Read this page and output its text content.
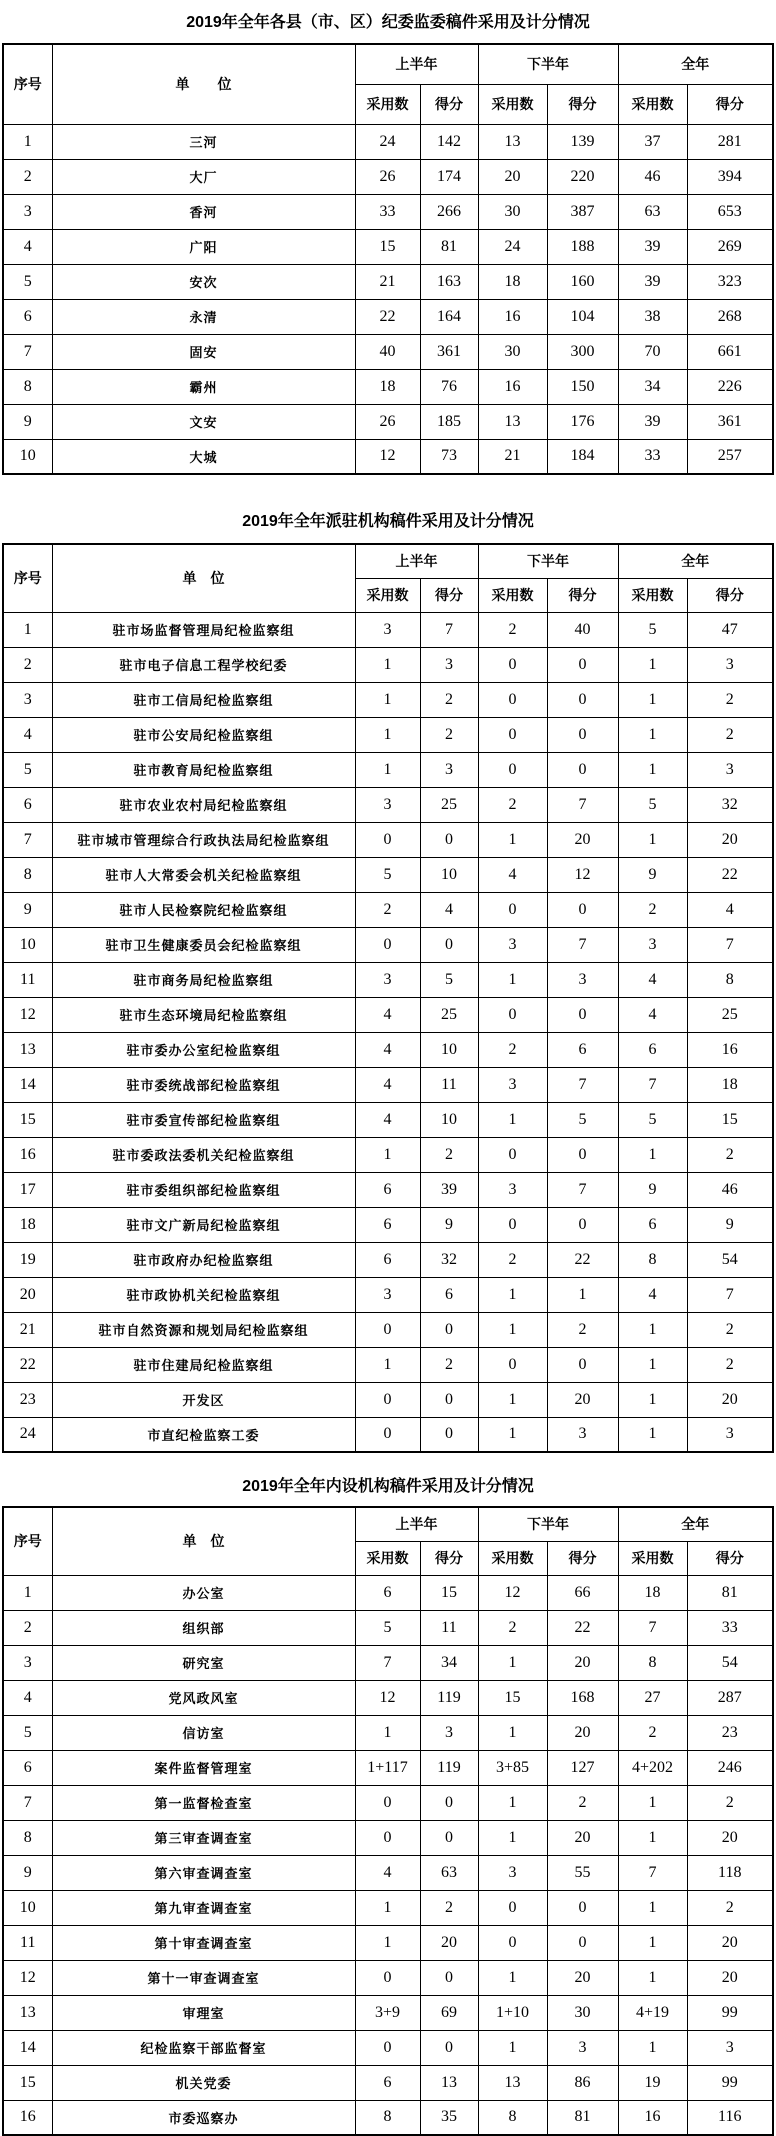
2019年全年各县（市、区）纪委监委稿件采用及计分情况
序号	单　　位	上半年		下半年		全年	
		采用数	得分	采用数	得分	采用数	得分
1	三河	24	142	13	139	37	281
2	大厂	26	174	20	220	46	394
3	香河	33	266	30	387	63	653
4	广阳	15	81	24	188	39	269
5	安次	21	163	18	160	39	323
6	永清	22	164	16	104	38	268
7	固安	40	361	30	300	70	661
8	霸州	18	76	16	150	34	226
9	文安	26	185	13	176	39	361
10	大城	12	73	21	184	33	257
2019年全年派驻机构稿件采用及计分情况
序号	单　位	上半年		下半年		全年	
		采用数	得分	采用数	得分	采用数	得分
1	驻市场监督管理局纪检监察组	3	7	2	40	5	47
2	驻市电子信息工程学校纪委	1	3	0	0	1	3
3	驻市工信局纪检监察组	1	2	0	0	1	2
4	驻市公安局纪检监察组	1	2	0	0	1	2
5	驻市教育局纪检监察组	1	3	0	0	1	3
6	驻市农业农村局纪检监察组	3	25	2	7	5	32
7	驻市城市管理综合行政执法局纪检监察组	0	0	1	20	1	20
8	驻市人大常委会机关纪检监察组	5	10	4	12	9	22
9	驻市人民检察院纪检监察组	2	4	0	0	2	4
10	驻市卫生健康委员会纪检监察组	0	0	3	7	3	7
11	驻市商务局纪检监察组	3	5	1	3	4	8
12	驻市生态环境局纪检监察组	4	25	0	0	4	25
13	驻市委办公室纪检监察组	4	10	2	6	6	16
14	驻市委统战部纪检监察组	4	11	3	7	7	18
15	驻市委宣传部纪检监察组	4	10	1	5	5	15
16	驻市委政法委机关纪检监察组	1	2	0	0	1	2
17	驻市委组织部纪检监察组	6	39	3	7	9	46
18	驻市文广新局纪检监察组	6	9	0	0	6	9
19	驻市政府办纪检监察组	6	32	2	22	8	54
20	驻市政协机关纪检监察组	3	6	1	1	4	7
21	驻市自然资源和规划局纪检监察组	0	0	1	2	1	2
22	驻市住建局纪检监察组	1	2	0	0	1	2
23	开发区	0	0	1	20	1	20
24	市直纪检监察工委	0	0	1	3	1	3
2019年全年内设机构稿件采用及计分情况
序号	单　位	上半年		下半年		全年	
		采用数	得分	采用数	得分	采用数	得分
1	办公室	6	15	12	66	18	81
2	组织部	5	11	2	22	7	33
3	研究室	7	34	1	20	8	54
4	党风政风室	12	119	15	168	27	287
5	信访室	1	3	1	20	2	23
6	案件监督管理室	1+117	119	3+85	127	4+202	246
7	第一监督检查室	0	0	1	2	1	2
8	第三审查调查室	0	0	1	20	1	20
9	第六审查调查室	4	63	3	55	7	118
10	第九审查调查室	1	2	0	0	1	2
11	第十审查调查室	1	20	0	0	1	20
12	第十一审查调查室	0	0	1	20	1	20
13	审理室	3+9	69	1+10	30	4+19	99
14	纪检监察干部监督室	0	0	1	3	1	3
15	机关党委	6	13	13	86	19	99
16	市委巡察办	8	35	8	81	16	116
